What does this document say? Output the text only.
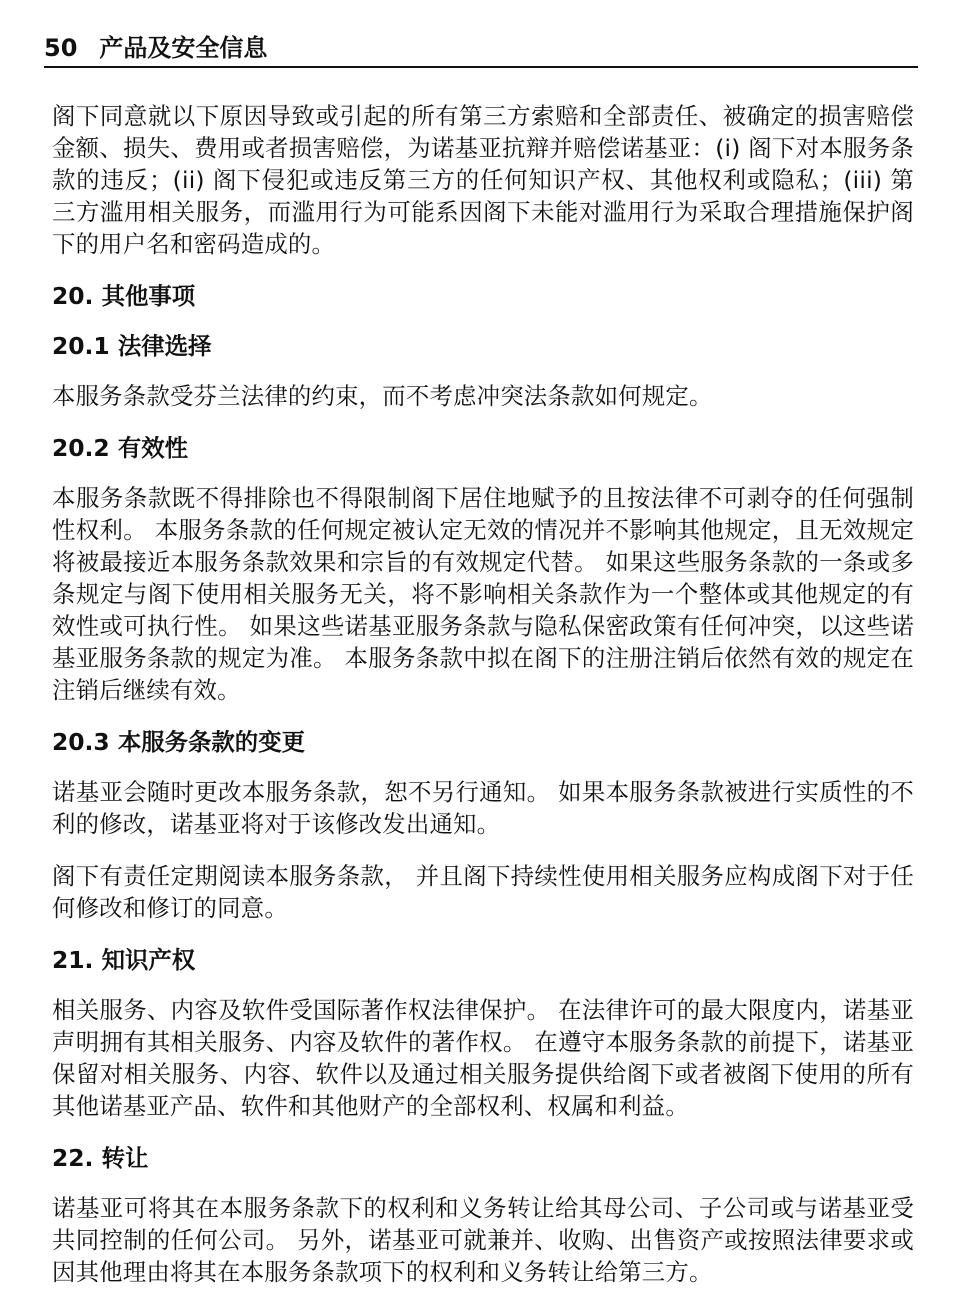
50 产品及安全信息

阁下同意就以下原因导致或引起的所有第三方索赔和全部责任、被确定的损害赔偿金额、损失、费用或者损害赔偿，为诺基亚抗辩并赔偿诺基亚：(i) 阁下对本服务条款的违反；(ii) 阁下侵犯或违反第三方的任何知识产权、其他权利或隐私；(iii) 第三方滥用相关服务，而滥用行为可能系因阁下未能对滥用行为采取合理措施保护阁下的用户名和密码造成的。

20. 其他事项
20.1 法律选择

本服务条款受芬兰法律的约束，而不考虑冲突法条款如何规定。

20.2 有效性

本服务条款既不得排除也不得限制阁下居住地赋予的且按法律不可剥夺的任何强制性权利。 本服务条款的任何规定被认定无效的情况并不影响其他规定，且无效规定将被最接近本服务条款效果和宗旨的有效规定代替。 如果这些服务条款的一条或多条规定与阁下使用相关服务无关，将不影响相关条款作为一个整体或其他规定的有效性或可执行性。 如果这些诺基亚服务条款与隐私保密政策有任何冲突，以这些诺基亚服务条款的规定为准。 本服务条款中拟在阁下的注册注销后依然有效的规定在注销后继续有效。

20.3 本服务条款的变更

诺基亚会随时更改本服务条款，恕不另行通知。 如果本服务条款被进行实质性的不利的修改，诺基亚将对于该修改发出通知。

阁下有责任定期阅读本服务条款， 并且阁下持续性使用相关服务应构成阁下对于任何修改和修订的同意。

21. 知识产权

相关服务、内容及软件受国际著作权法律保护。 在法律许可的最大限度内，诺基亚声明拥有其相关服务、内容及软件的著作权。 在遵守本服务条款的前提下，诺基亚保留对相关服务、内容、软件以及通过相关服务提供给阁下或者被阁下使用的所有其他诺基亚产品、软件和其他财产的全部权利、权属和利益。

22. 转让

诺基亚可将其在本服务条款下的权利和义务转让给其母公司、子公司或与诺基亚受共同控制的任何公司。 另外，诺基亚可就兼并、收购、出售资产或按照法律要求或因其他理由将其在本服务条款项下的权利和义务转让给第三方。
